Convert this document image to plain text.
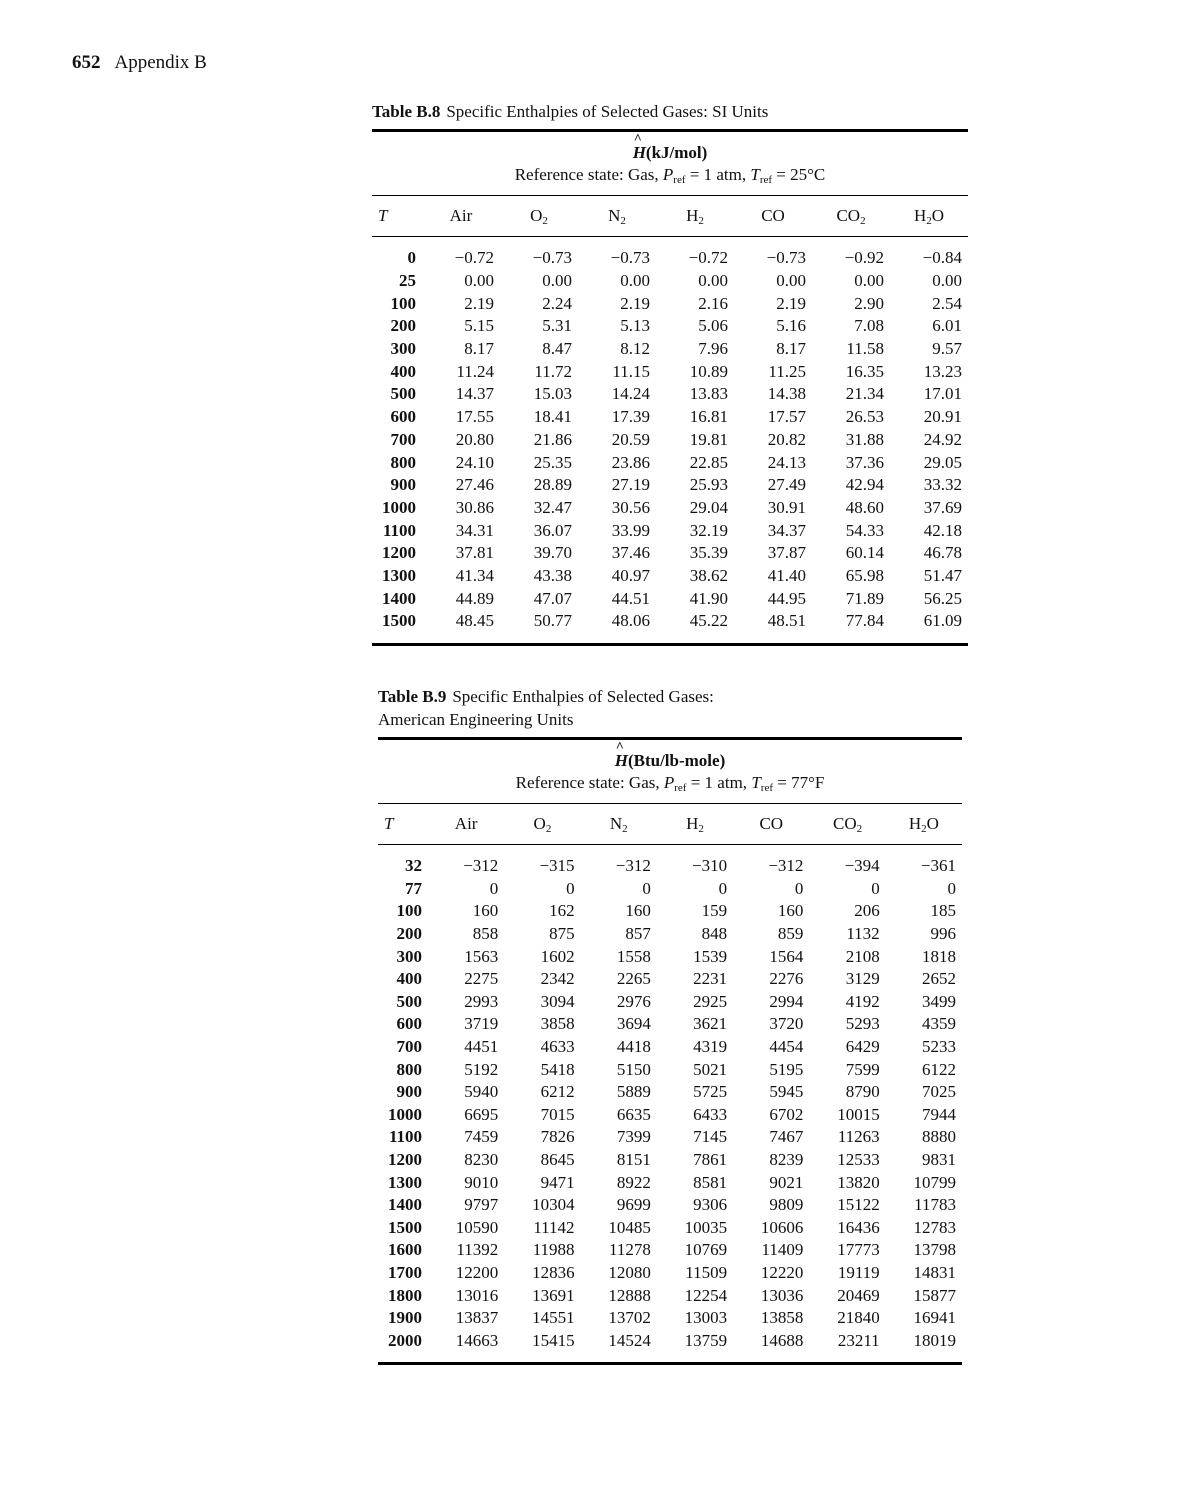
652 Appendix B
Table B.8 Specific Enthalpies of Selected Gases: SI Units
^ H(kJ/mol)
Reference state: Gas, $P_{ref} = 1$ atm, $T_{ref} = 25^\circ C$							
T	Air	$O_2$	$N_2$	$H_2$	CO	$CO_2$	$H_2O$
0	−0.72	−0.73	−0.73	−0.72	−0.73	−0.92	−0.84
25	0.00	0.00	0.00	0.00	0.00	0.00	0.00
100	2.19	2.24	2.19	2.16	2.19	2.90	2.54
200	5.15	5.31	5.13	5.06	5.16	7.08	6.01
300	8.17	8.47	8.12	7.96	8.17	11.58	9.57
400	11.24	11.72	11.15	10.89	11.25	16.35	13.23
500	14.37	15.03	14.24	13.83	14.38	21.34	17.01
600	17.55	18.41	17.39	16.81	17.57	26.53	20.91
700	20.80	21.86	20.59	19.81	20.82	31.88	24.92
800	24.10	25.35	23.86	22.85	24.13	37.36	29.05
900	27.46	28.89	27.19	25.93	27.49	42.94	33.32
1000	30.86	32.47	30.56	29.04	30.91	48.60	37.69
1100	34.31	36.07	33.99	32.19	34.37	54.33	42.18
1200	37.81	39.70	37.46	35.39	37.87	60.14	46.78
1300	41.34	43.38	40.97	38.62	41.40	65.98	51.47
1400	44.89	47.07	44.51	41.90	44.95	71.89	56.25
1500	48.45	50.77	48.06	45.22	48.51	77.84	61.09
Table B.9 Specific Enthalpies of Selected Gases:
American Engineering Units
^ H(Btu/lb-mole)
Reference state: Gas, $P_{ref} = 1$ atm, $T_{ref} = 77^\circ F$							
T	Air	$O_2$	$N_2$	$H_2$	CO	$CO_2$	$H_2O$
32	−312	−315	−312	−310	−312	−394	−361
77	0	0	0	0	0	0	0
100	160	162	160	159	160	206	185
200	858	875	857	848	859	1132	996
300	1563	1602	1558	1539	1564	2108	1818
400	2275	2342	2265	2231	2276	3129	2652
500	2993	3094	2976	2925	2994	4192	3499
600	3719	3858	3694	3621	3720	5293	4359
700	4451	4633	4418	4319	4454	6429	5233
800	5192	5418	5150	5021	5195	7599	6122
900	5940	6212	5889	5725	5945	8790	7025
1000	6695	7015	6635	6433	6702	10015	7944
1100	7459	7826	7399	7145	7467	11263	8880
1200	8230	8645	8151	7861	8239	12533	9831
1300	9010	9471	8922	8581	9021	13820	10799
1400	9797	10304	9699	9306	9809	15122	11783
1500	10590	11142	10485	10035	10606	16436	12783
1600	11392	11988	11278	10769	11409	17773	13798
1700	12200	12836	12080	11509	12220	19119	14831
1800	13016	13691	12888	12254	13036	20469	15877
1900	13837	14551	13702	13003	13858	21840	16941
2000	14663	15415	14524	13759	14688	23211	18019
